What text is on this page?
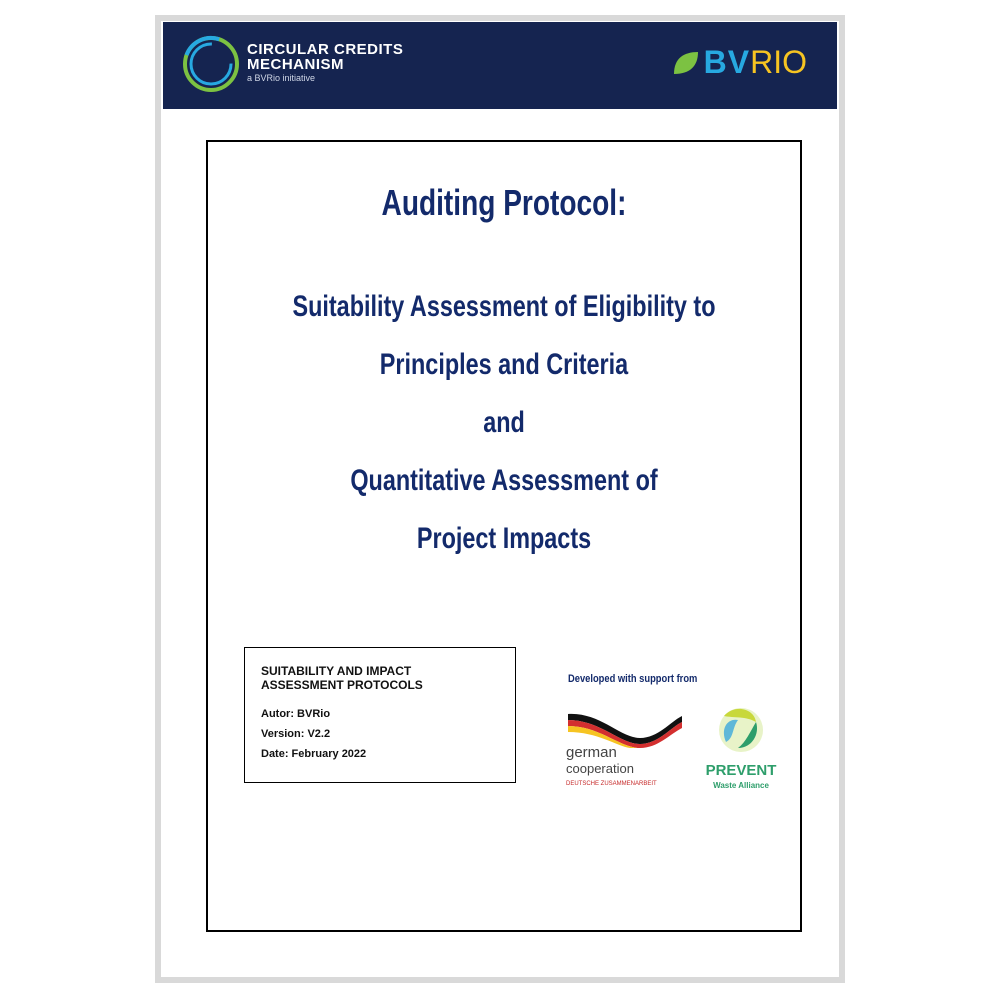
CIRCULAR CREDITS
MECHANISM
a BVRio initiative	BV RIO
Auditing Protocol:
Suitability Assessment of Eligibility to
Principles and Criteria
and
Quantitative Assessment of
Project Impacts
SUITABILITY AND IMPACT ASSESSMENT PROTOCOLS
Autor: BVRio
Version: V2.2
Date: February 2022
Developed with support from
german
cooperation
DEUTSCHE ZUSAMMENARBEIT
PREVENT
Waste Alliance
